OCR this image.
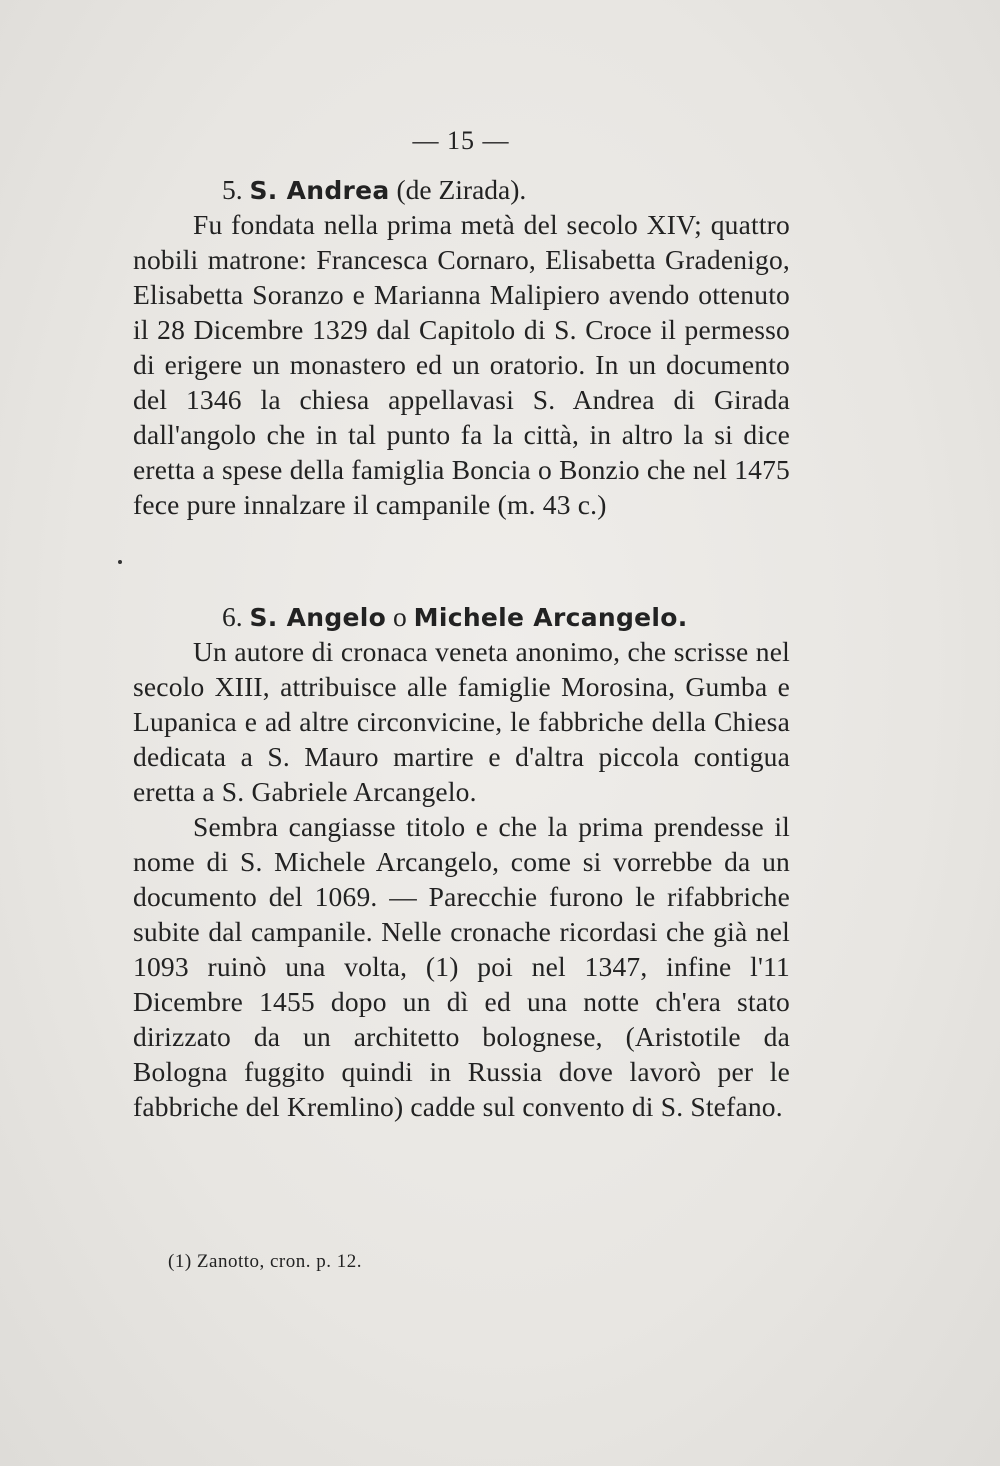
— 15 —
5. S. Andrea (de Zirada).

Fu fondata nella prima metà del secolo XIV; quattro nobili matrone: Francesca Cornaro, Elisabetta Gradenigo, Elisabetta Soranzo e Marianna Malipiero avendo ottenuto il 28 Dicembre 1329 dal Capitolo di S. Croce il permesso di erigere un monastero ed un oratorio. In un documento del 1346 la chiesa appellavasi S. Andrea di Girada dall'angolo che in tal punto fa la città, in altro la si dice eretta a spese della famiglia Boncia o Bonzio che nel 1475 fece pure innalzare il campanile (m. 43 c.)

6. S. Angelo o Michele Arcangelo.

Un autore di cronaca veneta anonimo, che scrisse nel secolo XIII, attribuisce alle famiglie Morosina, Gumba e Lupanica e ad altre circonvicine, le fabbriche della Chiesa dedicata a S. Mauro martire e d'altra piccola contigua eretta a S. Gabriele Arcangelo.

Sembra cangiasse titolo e che la prima prendesse il nome di S. Michele Arcangelo, come si vorrebbe da un documento del 1069. — Parecchie furono le rifabbriche subite dal campanile. Nelle cronache ricordasi che già nel 1093 ruinò una volta, (1) poi nel 1347, infine l'11 Dicembre 1455 dopo un dì ed una notte ch'era stato dirizzato da un architetto bolognese, (Aristotile da Bologna fuggito quindi in Russia dove lavorò per le fabbriche del Kremlino) cadde sul convento di S. Stefano.

(1) Zanotto, cron. p. 12.
